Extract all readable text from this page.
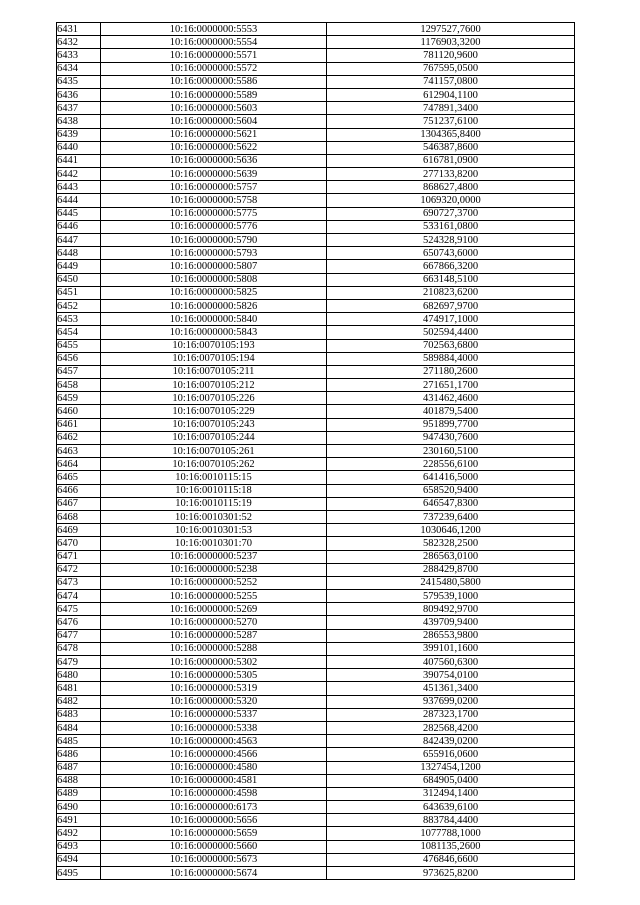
6431	10:16:0000000:5553	1297527,7600
6432	10:16:0000000:5554	1176903,3200
6433	10:16:0000000:5571	781120,9600
6434	10:16:0000000:5572	767595,0500
6435	10:16:0000000:5586	741157,0800
6436	10:16:0000000:5589	612904,1100
6437	10:16:0000000:5603	747891,3400
6438	10:16:0000000:5604	751237,6100
6439	10:16:0000000:5621	1304365,8400
6440	10:16:0000000:5622	546387,8600
6441	10:16:0000000:5636	616781,0900
6442	10:16:0000000:5639	277133,8200
6443	10:16:0000000:5757	868627,4800
6444	10:16:0000000:5758	1069320,0000
6445	10:16:0000000:5775	690727,3700
6446	10:16:0000000:5776	533161,0800
6447	10:16:0000000:5790	524328,9100
6448	10:16:0000000:5793	650743,6000
6449	10:16:0000000:5807	667866,3200
6450	10:16:0000000:5808	663148,5100
6451	10:16:0000000:5825	210823,6200
6452	10:16:0000000:5826	682697,9700
6453	10:16:0000000:5840	474917,1000
6454	10:16:0000000:5843	502594,4400
6455	10:16:0070105:193	702563,6800
6456	10:16:0070105:194	589884,4000
6457	10:16:0070105:211	271180,2600
6458	10:16:0070105:212	271651,1700
6459	10:16:0070105:226	431462,4600
6460	10:16:0070105:229	401879,5400
6461	10:16:0070105:243	951899,7700
6462	10:16:0070105:244	947430,7600
6463	10:16:0070105:261	230160,5100
6464	10:16:0070105:262	228556,6100
6465	10:16:0010115:15	641416,5000
6466	10:16:0010115:18	658520,9400
6467	10:16:0010115:19	646547,8300
6468	10:16:0010301:52	737239,6400
6469	10:16:0010301:53	1030646,1200
6470	10:16:0010301:70	582328,2500
6471	10:16:0000000:5237	286563,0100
6472	10:16:0000000:5238	288429,8700
6473	10:16:0000000:5252	2415480,5800
6474	10:16:0000000:5255	579539,1000
6475	10:16:0000000:5269	809492,9700
6476	10:16:0000000:5270	439709,9400
6477	10:16:0000000:5287	286553,9800
6478	10:16:0000000:5288	399101,1600
6479	10:16:0000000:5302	407560,6300
6480	10:16:0000000:5305	390754,0100
6481	10:16:0000000:5319	451361,3400
6482	10:16:0000000:5320	937699,0200
6483	10:16:0000000:5337	287323,1700
6484	10:16:0000000:5338	282568,4200
6485	10:16:0000000:4563	842439,0200
6486	10:16:0000000:4566	655916,0600
6487	10:16:0000000:4580	1327454,1200
6488	10:16:0000000:4581	684905,0400
6489	10:16:0000000:4598	312494,1400
6490	10:16:0000000:6173	643639,6100
6491	10:16:0000000:5656	883784,4400
6492	10:16:0000000:5659	1077788,1000
6493	10:16:0000000:5660	1081135,2600
6494	10:16:0000000:5673	476846,6600
6495	10:16:0000000:5674	973625,8200
